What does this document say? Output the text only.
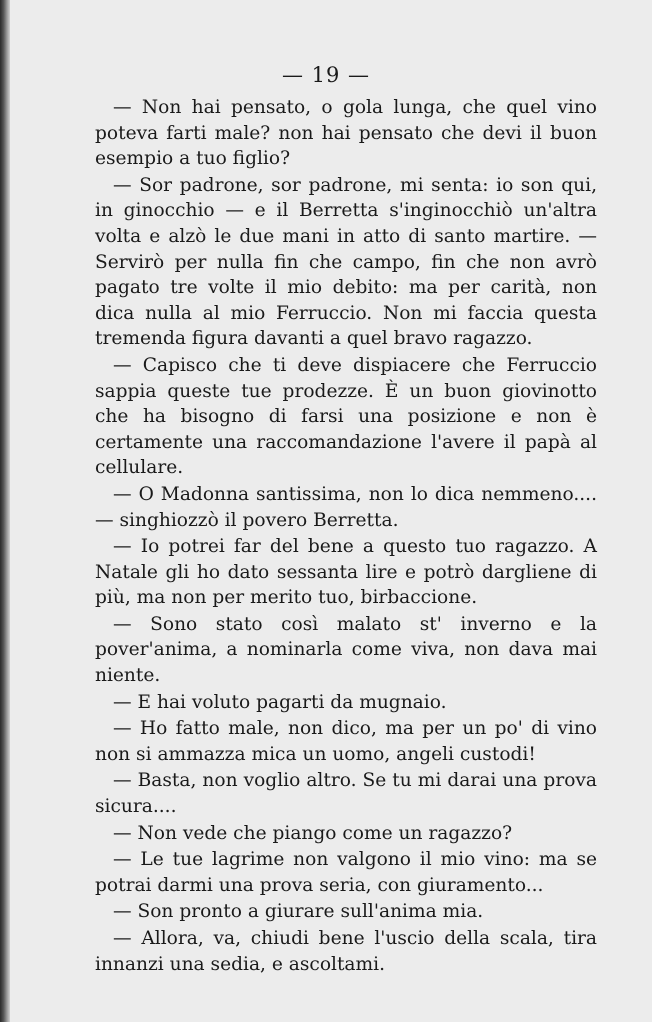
— 19 —

— Non hai pensato, o gola lunga, che quel vino poteva farti male? non hai pensato che devi il buon esempio a tuo figlio?

— Sor padrone, sor padrone, mi senta: io son qui, in ginocchio — e il Berretta s'inginocchiò un'altra volta e alzò le due mani in atto di santo martire. — Servirò per nulla fin che campo, fin che non avrò pagato tre volte il mio debito: ma per carità, non dica nulla al mio Ferruccio. Non mi faccia questa tremenda figura davanti a quel bravo ragazzo.

— Capisco che ti deve dispiacere che Ferruccio sappia queste tue prodezze. È un buon giovinotto che ha bisogno di farsi una posizione e non è certamente una raccomandazione l'avere il papà al cellulare.

— O Madonna santissima, non lo dica nemmeno.... — singhiozzò il povero Berretta.

— Io potrei far del bene a questo tuo ragazzo. A Natale gli ho dato sessanta lire e potrò dargliene di più, ma non per merito tuo, birbaccione.

— Sono stato così malato st' inverno e la pover'anima, a nominarla come viva, non dava mai niente.

— E hai voluto pagarti da mugnaio.

— Ho fatto male, non dico, ma per un po' di vino non si ammazza mica un uomo, angeli custodi!

— Basta, non voglio altro. Se tu mi darai una prova sicura....

— Non vede che piango come un ragazzo?

— Le tue lagrime non valgono il mio vino: ma se potrai darmi una prova seria, con giuramento...

— Son pronto a giurare sull'anima mia.

— Allora, va, chiudi bene l'uscio della scala, tira innanzi una sedia, e ascoltami.
